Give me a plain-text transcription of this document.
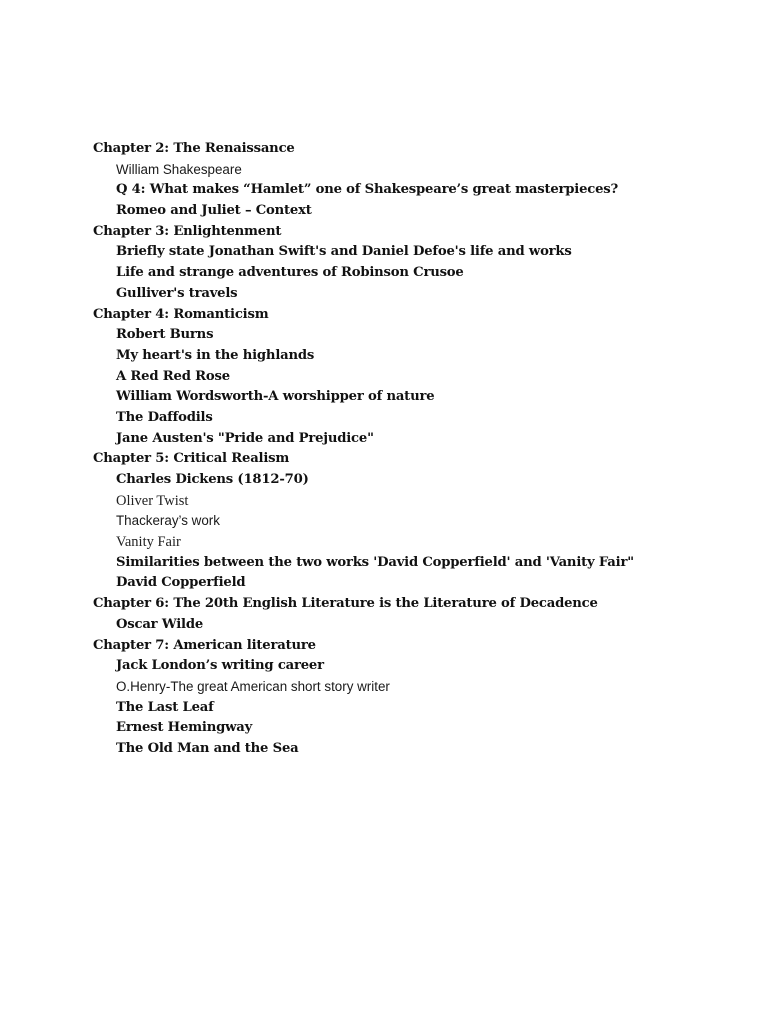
Chapter 2: The Renaissance
William Shakespeare
Q 4: What makes “Hamlet” one of Shakespeare’s great masterpieces?
Romeo and Juliet – Context
Chapter 3: Enlightenment
Briefly state Jonathan Swift's and Daniel Defoe's life and works
Life and strange adventures of Robinson Crusoe
Gulliver's travels
Chapter 4: Romanticism
Robert Burns
My heart's in the highlands
A Red Red Rose
William Wordsworth-A worshipper of nature
The Daffodils
Jane Austen's "Pride and Prejudice"
Chapter 5: Critical Realism
Charles Dickens (1812-70)
Oliver Twist
Thackeray’s work
Vanity Fair
Similarities between the two works 'David Copperfield' and 'Vanity Fair"
David Copperfield
Chapter 6: The 20th English Literature is the Literature of Decadence
Oscar Wilde
Chapter 7: American literature
Jack London’s writing career
O.Henry-The great American short story writer
The Last Leaf
Ernest Hemingway
The Old Man and the Sea
